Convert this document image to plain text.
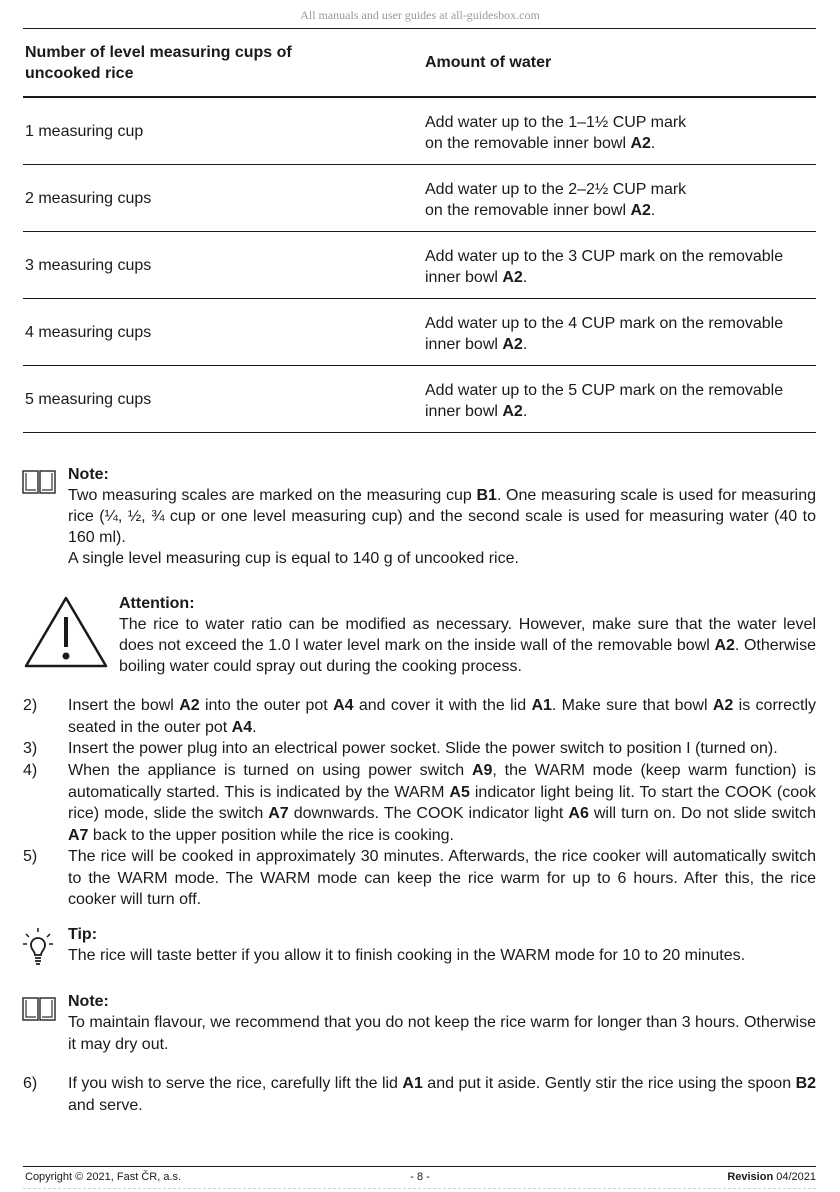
All manuals and user guides at all-guidesbox.com
Number of level measuring cups of uncooked rice
Amount of water
1 measuring cup	Add water up to the 1–1½ CUP mark
on the removable inner bowl A2.
2 measuring cups	Add water up to the 2–2½ CUP mark
on the removable inner bowl A2.
3 measuring cups	Add water up to the 3 CUP mark on the removable
inner bowl A2.
4 measuring cups	Add water up to the 4 CUP mark on the removable
inner bowl A2.
5 measuring cups	Add water up to the 5 CUP mark on the removable
inner bowl A2.
Note:
Two measuring scales are marked on the measuring cup B1. One measuring scale is used for measuring rice (¼, ½, ¾ cup or one level measuring cup) and the second scale is used for measuring water (40 to 160 ml).
A single level measuring cup is equal to 140 g of uncooked rice.
Attention:
The rice to water ratio can be modified as necessary. However, make sure that the water level does not exceed the 1.0 l water level mark on the inside wall of the removable bowl A2. Otherwise boiling water could spray out during the cooking process.
2)	Insert the bowl A2 into the outer pot A4 and cover it with the lid A1. Make sure that bowl A2 is correctly seated in the outer pot A4.
3)	Insert the power plug into an electrical power socket. Slide the power switch to position I (turned on).
4)	When the appliance is turned on using power switch A9, the WARM mode (keep warm function) is automatically started. This is indicated by the WARM A5 indicator light being lit. To start the COOK (cook rice) mode, slide the switch A7 downwards. The COOK indicator light A6 will turn on. Do not slide switch A7 back to the upper position while the rice is cooking.
5)	The rice will be cooked in approximately 30 minutes. Afterwards, the rice cooker will automatically switch to the WARM mode. The WARM mode can keep the rice warm for up to 6 hours. After this, the rice cooker will turn off.
Tip:
The rice will taste better if you allow it to finish cooking in the WARM mode for 10 to 20 minutes.
Note:
To maintain flavour, we recommend that you do not keep the rice warm for longer than 3 hours. Otherwise it may dry out.
6)	If you wish to serve the rice, carefully lift the lid A1 and put it aside. Gently stir the rice using the spoon B2 and serve.
Copyright © 2021, Fast ČR, a.s.	- 8 -	Revision 04/2021
